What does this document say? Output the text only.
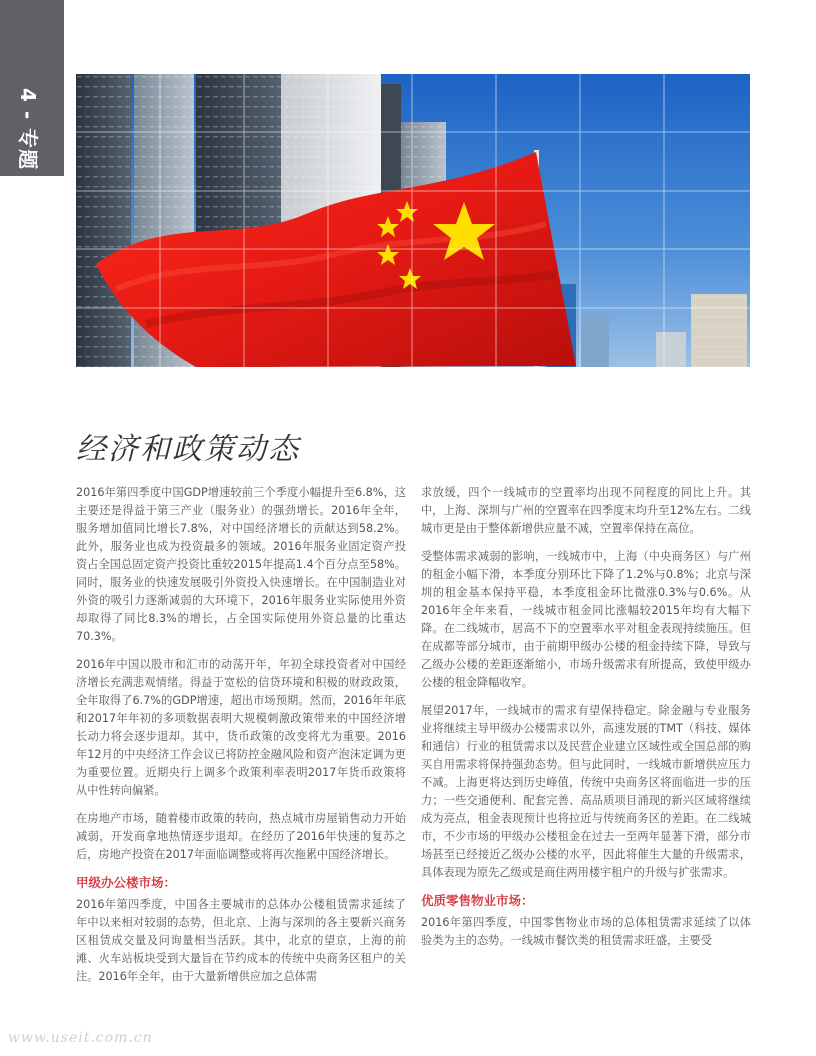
4 - 专题
经济和政策动态

2016年第四季度中国GDP增速较前三个季度小幅提升至6.8%，这主要还是得益于第三产业（服务业）的强劲增长。2016年全年，服务增加值同比增长7.8%，对中国经济增长的贡献达到58.2%。此外，服务业也成为投资最多的领域。2016年服务业固定资产投资占全国总固定资产投资比重较2015年提高1.4个百分点至58%。同时，服务业的快速发展吸引外资投入快速增长。在中国制造业对外资的吸引力逐渐减弱的大环境下，2016年服务业实际使用外资却取得了同比8.3%的增长，占全国实际使用外资总量的比重达70.3%。

2016年中国以股市和汇市的动荡开年，年初全球投资者对中国经济增长充满悲观情绪。得益于宽松的信贷环境和积极的财政政策，全年取得了6.7%的GDP增速，超出市场预期。然而，2016年年底和2017年年初的多项数据表明大规模刺激政策带来的中国经济增长动力将会逐步退却。其中，货币政策的改变将尤为重要。2016年12月的中央经济工作会议已将防控金融风险和资产泡沫定调为更为重要位置。近期央行上调多个政策利率表明2017年货币政策将从中性转向偏紧。

在房地产市场，随着楼市政策的转向，热点城市房屋销售动力开始减弱，开发商拿地热情逐步退却。在经历了2016年快速的复苏之后，房地产投资在2017年面临调整或将再次拖累中国经济增长。

甲级办公楼市场：

2016年第四季度，中国各主要城市的总体办公楼租赁需求延续了年中以来相对较弱的态势，但北京、上海与深圳的各主要新兴商务区租赁成交量及问询量相当活跃。其中，北京的望京，上海的前滩、火车站板块受到大量旨在节约成本的传统中央商务区租户的关注。2016年全年，由于大量新增供应加之总体需

求放缓，四个一线城市的空置率均出现不同程度的同比上升。其中，上海、深圳与广州的空置率在四季度末均升至12%左右。二线城市更是由于整体新增供应量不减，空置率保持在高位。

受整体需求减弱的影响，一线城市中，上海（中央商务区）与广州的租金小幅下滑，本季度分别环比下降了1.2%与0.8%；北京与深圳的租金基本保持平稳，本季度租金环比微涨0.3%与0.6%。从2016年全年来看，一线城市租金同比涨幅较2015年均有大幅下降。在二线城市，居高不下的空置率水平对租金表现持续施压。但在成都等部分城市，由于前期甲级办公楼的租金持续下降，导致与乙级办公楼的差距逐渐缩小，市场升级需求有所提高，致使甲级办公楼的租金降幅收窄。

展望2017年，一线城市的需求有望保持稳定。除金融与专业服务业将继续主导甲级办公楼需求以外，高速发展的TMT（科技、媒体和通信）行业的租赁需求以及民营企业建立区域性或全国总部的购买自用需求将保持强劲态势。但与此同时，一线城市新增供应压力不减。上海更将达到历史峰值，传统中央商务区将面临进一步的压力；一些交通便利、配套完善、高品质项目涌现的新兴区域将继续成为亮点，租金表现预计也将拉近与传统商务区的差距。在二线城市，不少市场的甲级办公楼租金在过去一至两年显著下滑，部分市场甚至已经接近乙级办公楼的水平，因此将催生大量的升级需求，具体表现为原先乙级或是商住两用楼宇租户的升级与扩张需求。

优质零售物业市场：

2016年第四季度，中国零售物业市场的总体租赁需求延续了以体验类为主的态势。一线城市餐饮类的租赁需求旺盛，主要受

www.useit.com.cn
